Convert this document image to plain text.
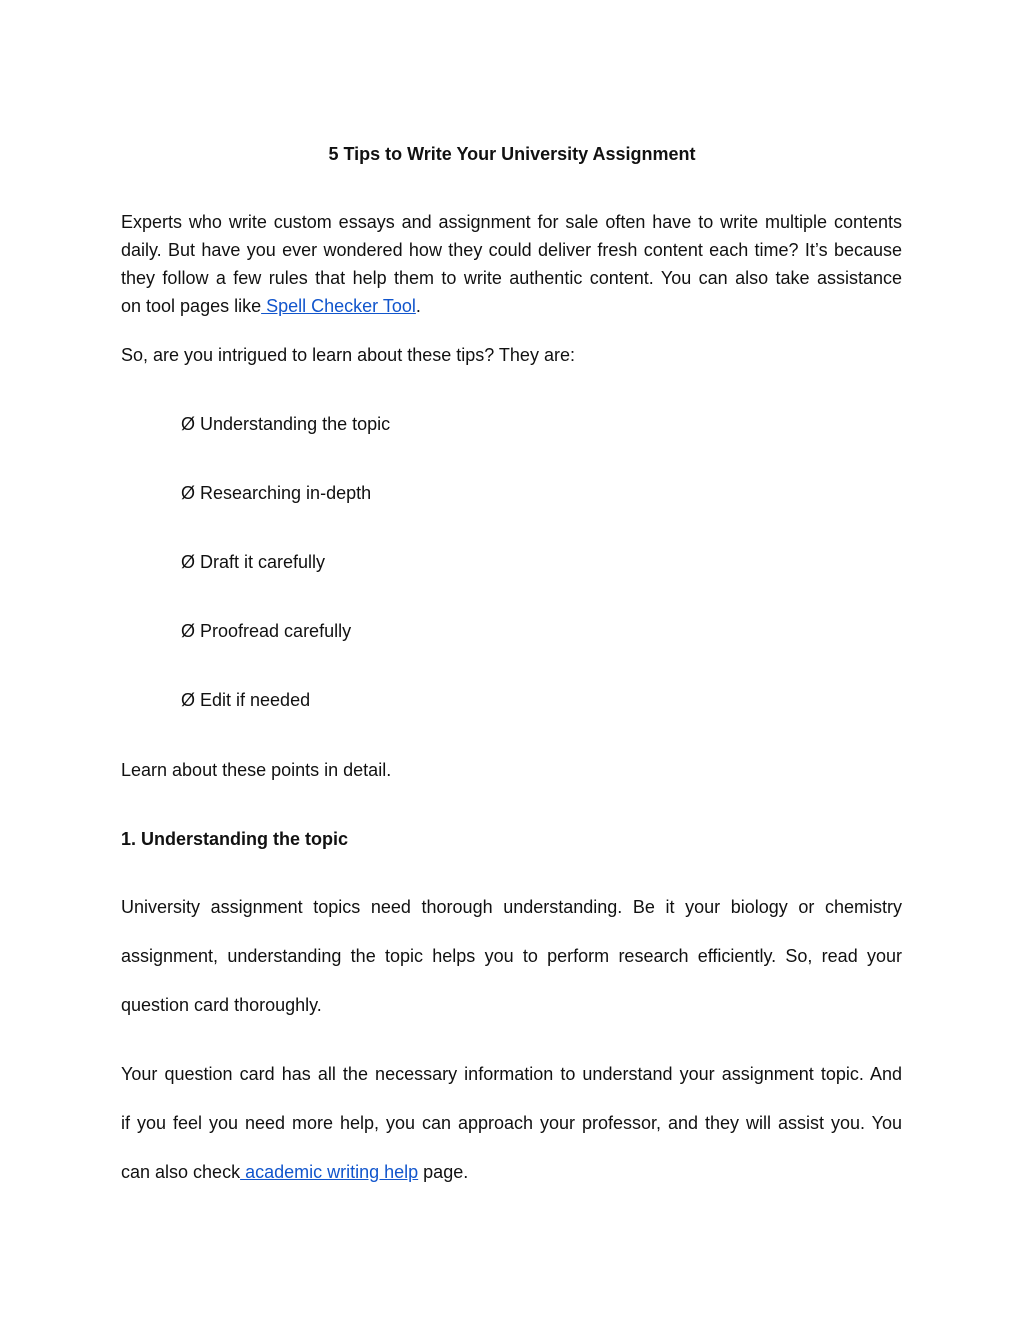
5 Tips to Write Your University Assignment
Experts who write custom essays and assignment for sale often have to write multiple contents
daily. But have you ever wondered how they could deliver fresh content each time? It’s because
they follow a few rules that help them to write authentic content. You can also take assistance
on tool pages like Spell Checker Tool.

So, are you intrigued to learn about these tips? They are:

Ø Understanding the topic

Ø Researching in-depth

Ø Draft it carefully

Ø Proofread carefully

Ø Edit if needed

Learn about these points in detail.

1. Understanding the topic
University assignment topics need thorough understanding. Be it your biology or chemistry
assignment, understanding the topic helps you to perform research efficiently. So, read your
question card thoroughly.
Your question card has all the necessary information to understand your assignment topic. And
if you feel you need more help, you can approach your professor, and they will assist you. You
can also check academic writing help page.
